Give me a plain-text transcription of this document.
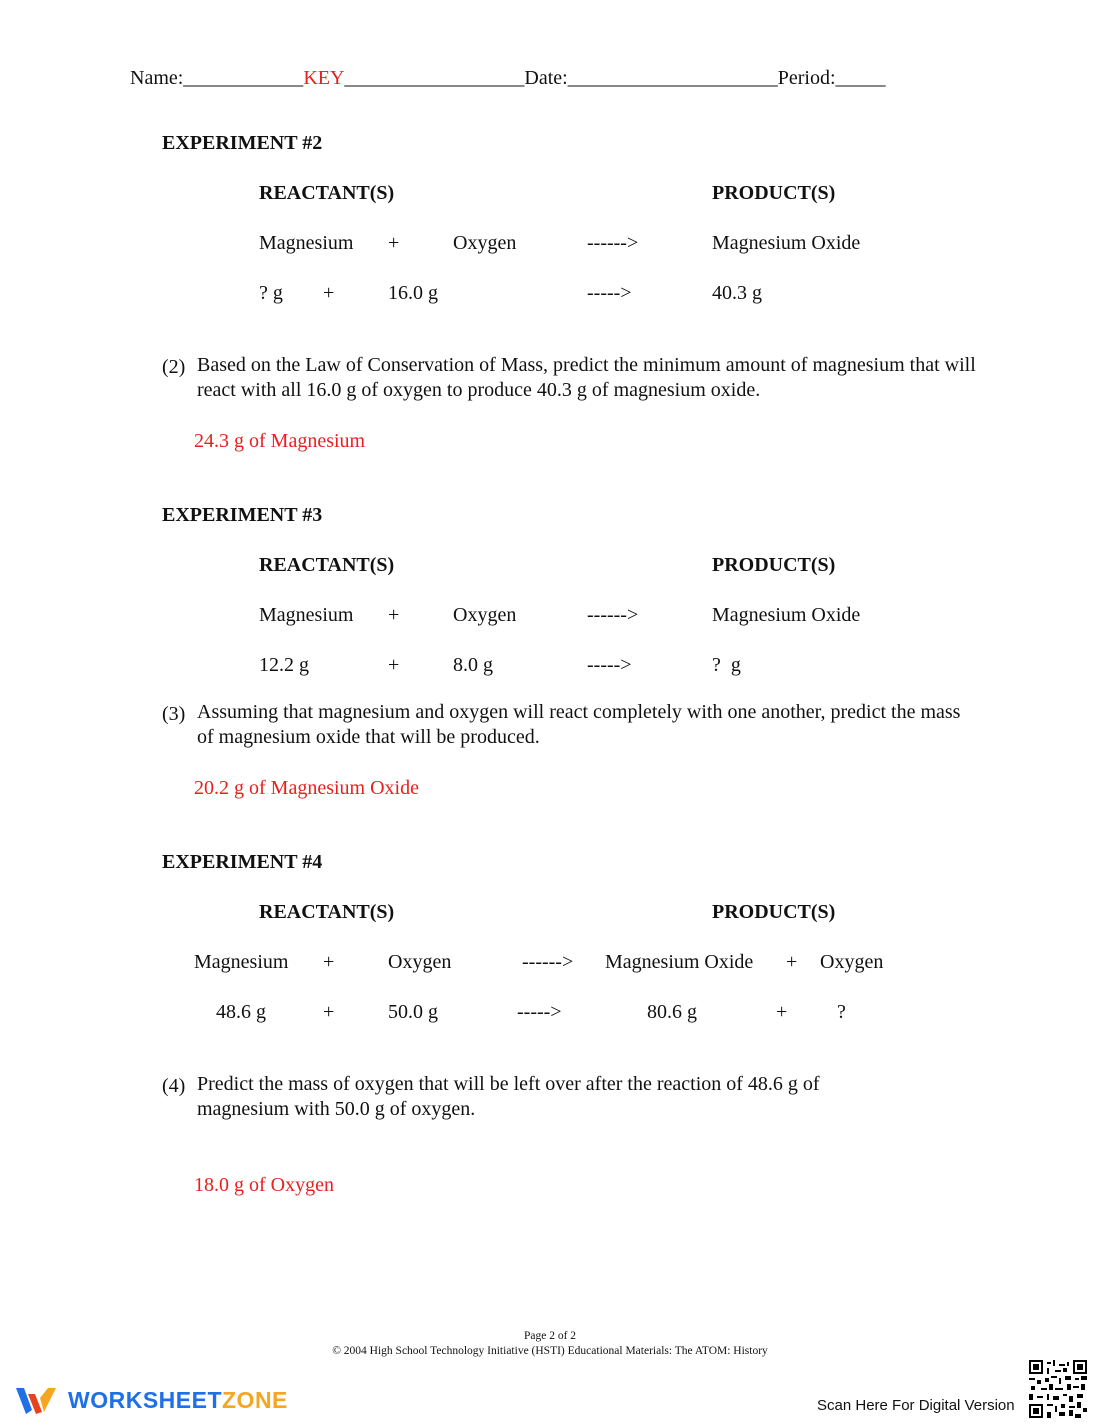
Name:____________KEY__________________Date:_____________________Period:_____
EXPERIMENT #2
REACTANT(S)	PRODUCT(S)
Magnesium +	Oxygen	------>	Magnesium Oxide
? g +	16.0 g	----->	40.3 g
(2) Based on the Law of Conservation of Mass, predict the minimum amount of magnesium that will react with all 16.0 g of oxygen to produce 40.3 g of magnesium oxide.
24.3 g of Magnesium
EXPERIMENT #3
REACTANT(S)	PRODUCT(S)
Magnesium +	Oxygen	------>	Magnesium Oxide
12.2 g	+	8.0 g	----->	?  g
(3) Assuming that magnesium and oxygen will react completely with one another, predict the mass of magnesium oxide that will be produced.
20.2 g of Magnesium Oxide
EXPERIMENT #4
REACTANT(S)	PRODUCT(S)
Magnesium +	Oxygen	------> Magnesium Oxide + Oxygen
48.6 g	+	50.0 g	----->	80.6 g	+ ?
(4) Predict the mass of oxygen that will be left over after the reaction of 48.6 g of magnesium with 50.0 g of oxygen.
18.0 g of Oxygen
Page 2 of 2
© 2004 High School Technology Initiative (HSTI) Educational Materials: The ATOM: History
WORKSHEETZONE	Scan Here For Digital Version
